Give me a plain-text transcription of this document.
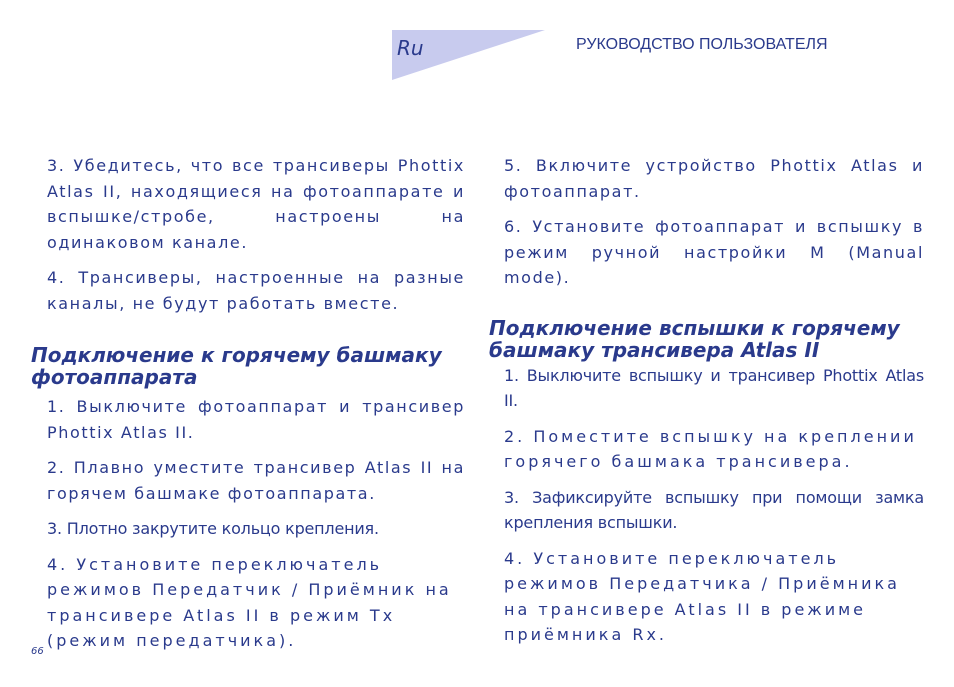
Ru	РУКОВОДСТВО ПОЛЬЗОВАТЕЛЯ

3. Убедитесь, что все трансиверы Phottix Atlas II, находящиеся на фотоаппарате и вспышке/стробе, настроены на одинаковом канале.

4. Трансиверы, настроенные на разные каналы, не будут работать вместе.

Подключение к горячему башмаку фотоаппарата

1. Выключите фотоаппарат и трансивер Phottix Atlas II.

2. Плавно уместите трансивер Atlas II на горячем башмаке фотоаппарата.

3. Плотно закрутите кольцо крепления.

4. Установите переключатель режимов Передатчик / Приёмник на трансивере Atlas II в режим Tx (режим передатчика).

5. Включите устройство Phottix Atlas и фотоаппарат.

6. Установите фотоаппарат и вспышку в режим ручной настройки М (Manual mode).

Подключение вспышки к горячему башмаку трансивера Atlas II

1. Выключите вспышку и трансивер Phottix Atlas II.

2. Поместите вспышку на креплении горячего башмака трансивера.

3. Зафиксируйте вспышку при помощи замка крепления вспышки.

4. Установите переключатель режимов Передатчика / Приёмника на трансивере Atlas II в режиме приёмника Rx.

66
